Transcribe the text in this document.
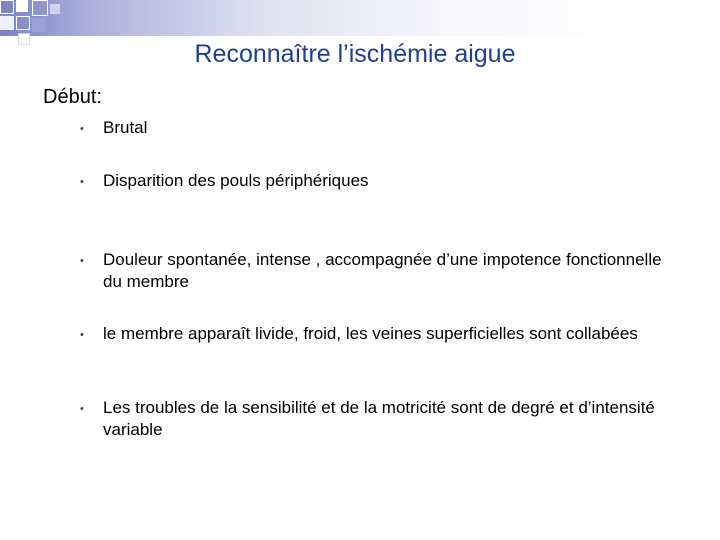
Reconnaître l’ischémie aigue
Début:
• Brutal
• Disparition des pouls périphériques
• Douleur spontanée, intense , accompagnée d’une impotence fonctionnelle du membre
• le membre apparaît livide, froid, les veines superficielles sont collabées
• Les troubles de la sensibilité et de la motricité sont de degré et d’intensité variable
